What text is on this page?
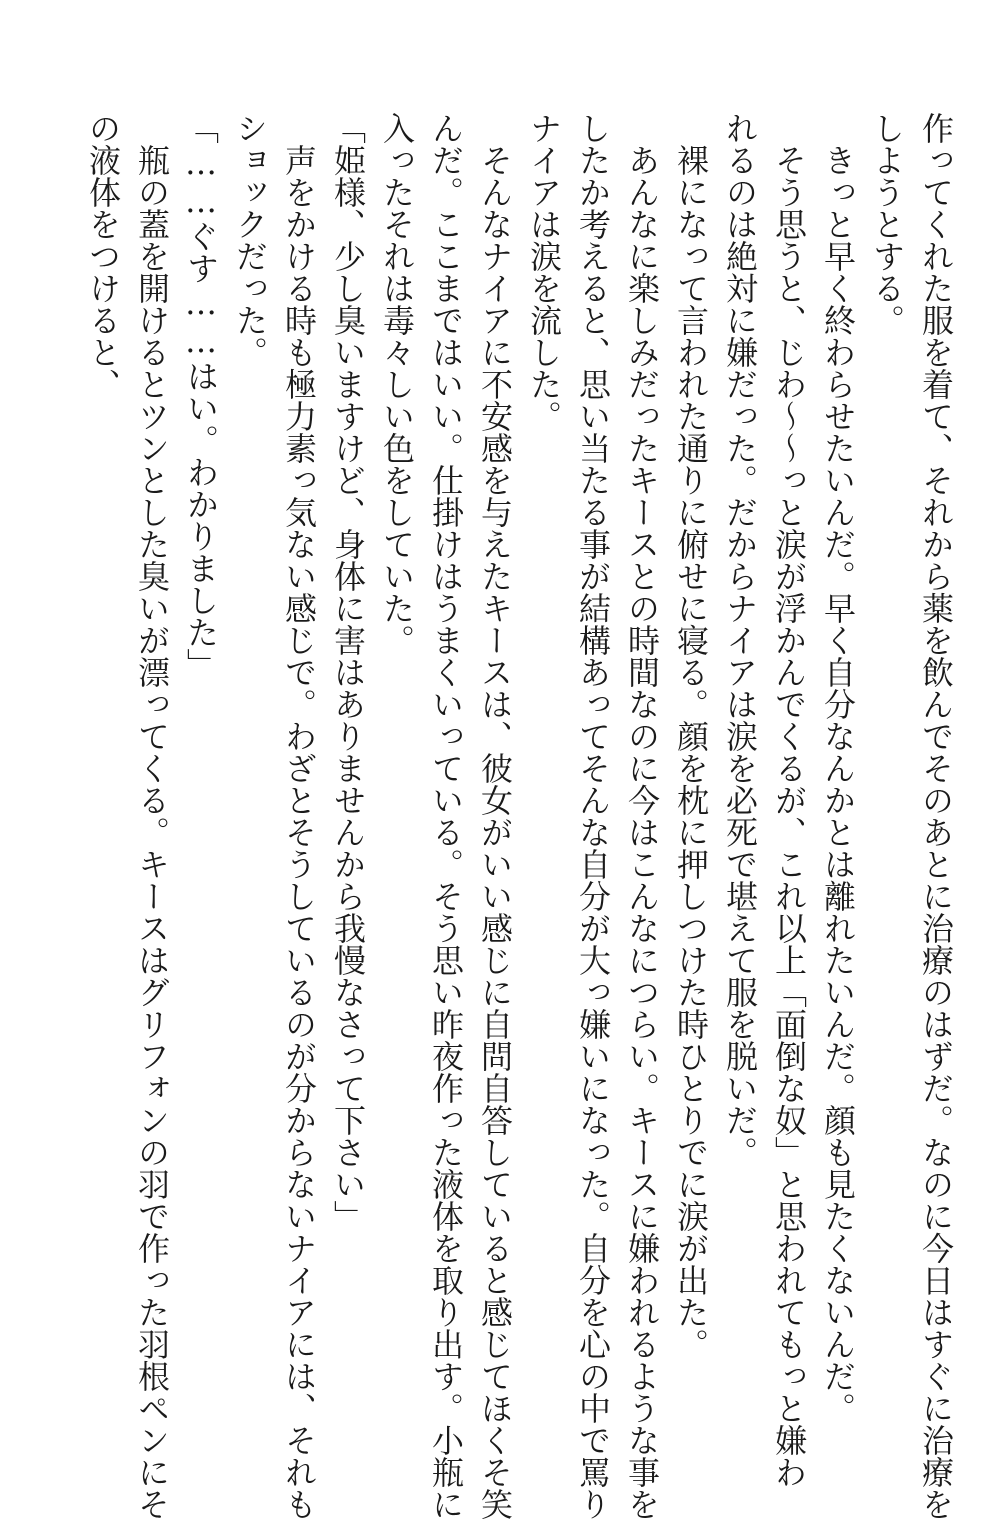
作ってくれた服を着て、それから薬を飲んでそのあとに治療のはずだ。なのに今日はすぐに治療を
しようとする。
　きっと早く終わらせたいんだ。早く自分なんかとは離れたいんだ。顔も見たくないんだ。
　そう思うと、じわ〜〜っと涙が浮かんでくるが、これ以上「面倒な奴」と思われてもっと嫌わ
れるのは絶対に嫌だった。だからナイアは涙を必死で堪えて服を脱いだ。
　裸になって言われた通りに俯せに寝る。顔を枕に押しつけた時ひとりでに涙が出た。
　あんなに楽しみだったキースとの時間なのに今はこんなにつらい。キースに嫌われるような事を
したか考えると、思い当たる事が結構あってそんな自分が大っ嫌いになった。自分を心の中で罵り
ナイアは涙を流した。
　そんなナイアに不安感を与えたキースは、彼女がいい感じに自問自答していると感じてほくそ笑
んだ。ここまではいい。仕掛けはうまくいっている。そう思い昨夜作った液体を取り出す。小瓶に
入ったそれは毒々しい色をしていた。
「姫様、少し臭いますけど、身体に害はありませんから我慢なさって下さい」
　声をかける時も極力素っ気ない感じで。わざとそうしているのが分からないナイアには、それも
ショックだった。
「……ぐす……はい。わかりました」
　瓶の蓋を開けるとツンとした臭いが漂ってくる。キースはグリフォンの羽で作った羽根ペンにそ
の液体をつけると、
